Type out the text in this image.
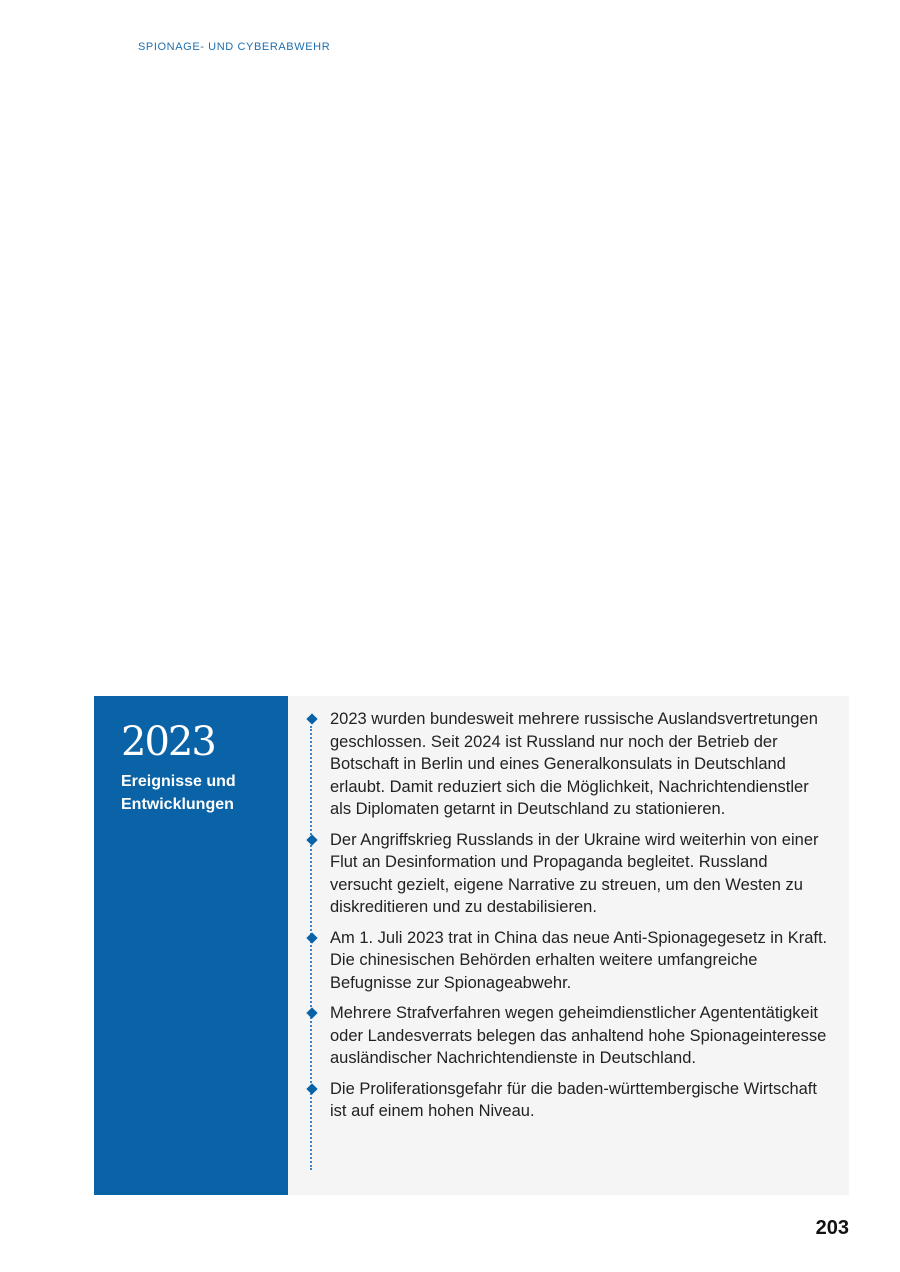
SPIONAGE- UND CYBERABWEHR
2023
Ereignisse und
Entwicklungen
2023 wurden bundesweit mehrere russische Auslandsvertretungen geschlossen. Seit 2024 ist Russland nur noch der Betrieb der Botschaft in Berlin und eines Generalkonsulats in Deutschland erlaubt. Damit reduziert sich die Möglichkeit, Nachrichtendienstler als Diplomaten getarnt in Deutschland zu stationieren.
Der Angriffskrieg Russlands in der Ukraine wird weiterhin von einer Flut an Desinformation und Propaganda begleitet. Russland versucht gezielt, eigene Narrative zu streuen, um den Westen zu diskreditieren und zu destabilisieren.
Am 1. Juli 2023 trat in China das neue Anti-Spionagegesetz in Kraft. Die chinesischen Behörden erhalten weitere umfangreiche Befugnisse zur Spionageabwehr.
Mehrere Strafverfahren wegen geheimdienstlicher Agententätigkeit oder Landesverrats belegen das anhaltend hohe Spionageinteresse ausländischer Nachrichtendienste in Deutschland.
Die Proliferationsgefahr für die baden-württembergische Wirtschaft ist auf einem hohen Niveau.
203
